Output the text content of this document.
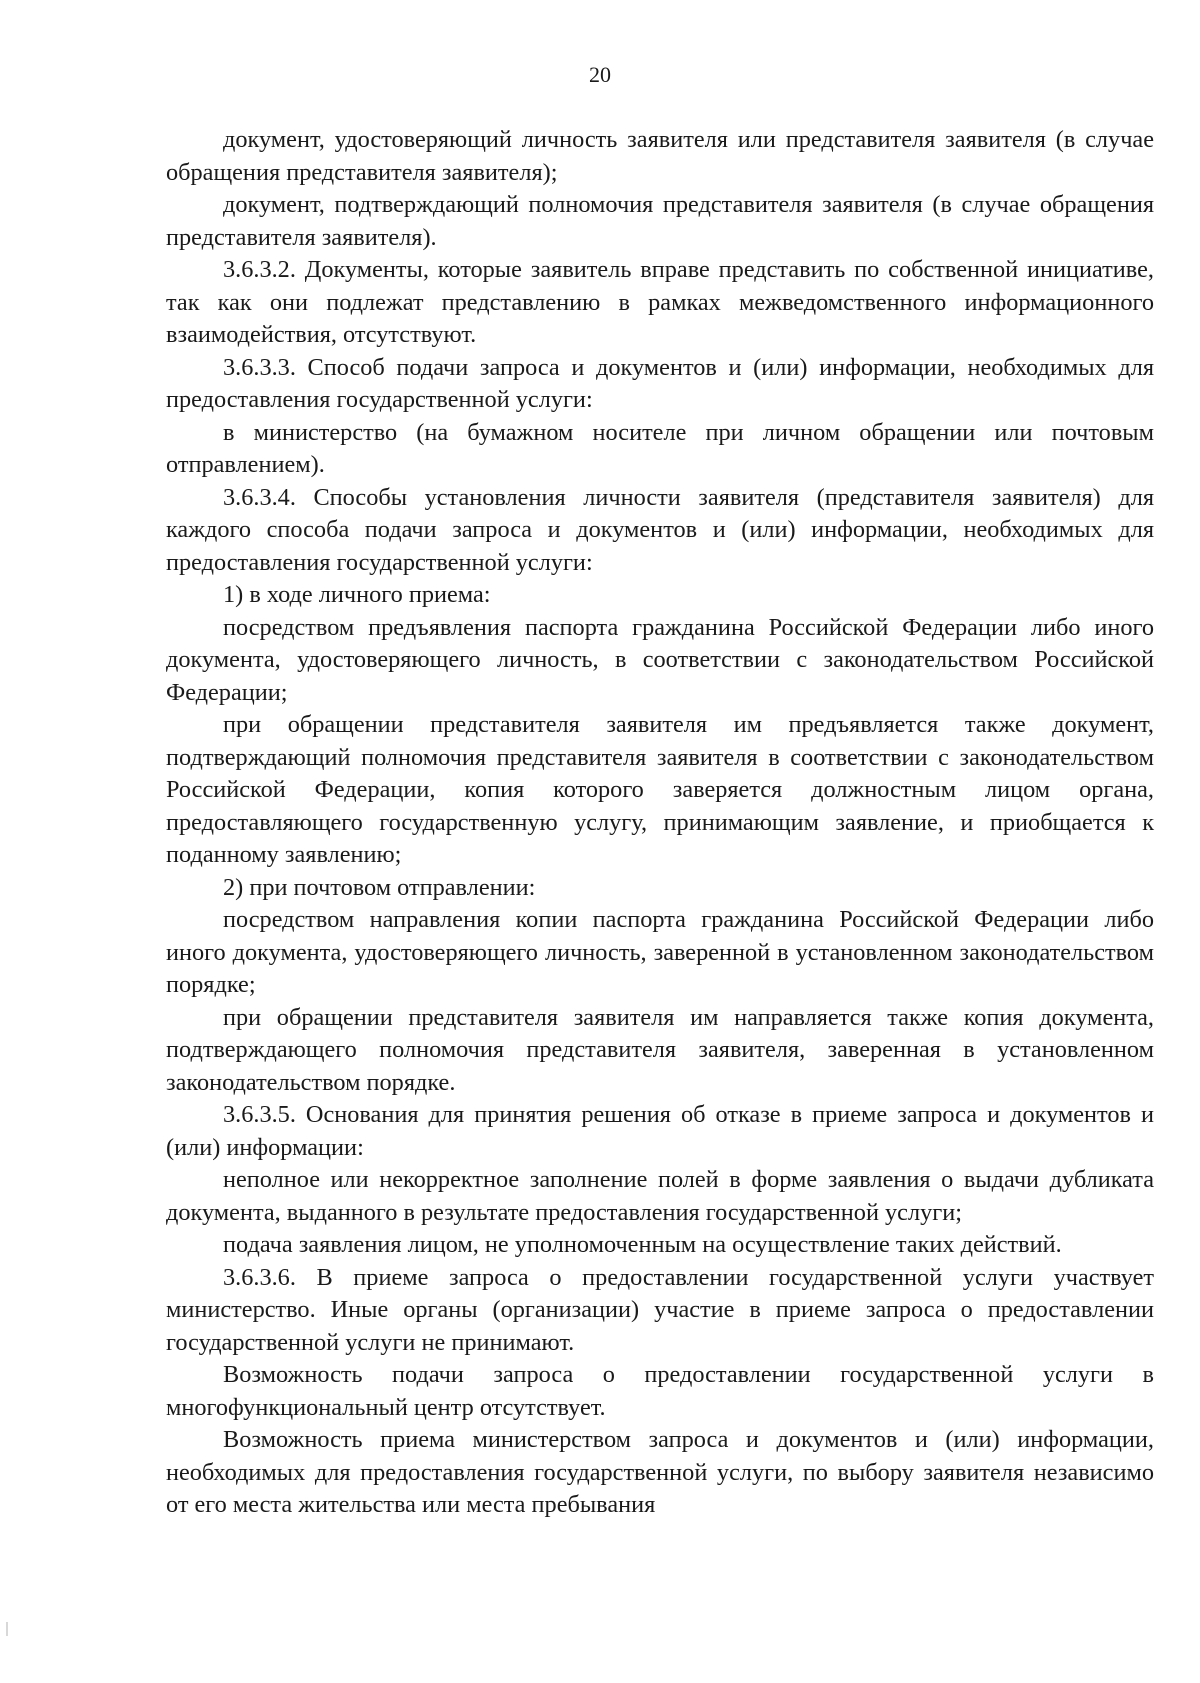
20

документ, удостоверяющий личность заявителя или представителя заявителя (в случае обращения представителя заявителя);

документ, подтверждающий полномочия представителя заявителя (в случае обращения представителя заявителя).

3.6.3.2. Документы, которые заявитель вправе представить по собственной инициативе, так как они подлежат представлению в рамках межведомственного информационного взаимодействия, отсутствуют.

3.6.3.3. Способ подачи запроса и документов и (или) информации, необходимых для предоставления государственной услуги:

в министерство (на бумажном носителе при личном обращении или почтовым отправлением).

3.6.3.4. Способы установления личности заявителя (представителя заявителя) для каждого способа подачи запроса и документов и (или) информации, необходимых для предоставления государственной услуги:

1) в ходе личного приема:

посредством предъявления паспорта гражданина Российской Федерации либо иного документа, удостоверяющего личность, в соответствии с законодательством Российской Федерации;

при обращении представителя заявителя им предъявляется также документ, подтверждающий полномочия представителя заявителя в соответствии с законодательством Российской Федерации, копия которого заверяется должностным лицом органа, предоставляющего государственную услугу, принимающим заявление, и приобщается к поданному заявлению;

2) при почтовом отправлении:

посредством направления копии паспорта гражданина Российской Федерации либо иного документа, удостоверяющего личность, заверенной в установленном законодательством порядке;

при обращении представителя заявителя им направляется также копия документа, подтверждающего полномочия представителя заявителя, заверенная в установленном законодательством порядке.

3.6.3.5. Основания для принятия решения об отказе в приеме запроса и документов и (или) информации:

неполное или некорректное заполнение полей в форме заявления о выдачи дубликата документа, выданного в результате предоставления государственной услуги;

подача заявления лицом, не уполномоченным на осуществление таких действий.

3.6.3.6. В приеме запроса о предоставлении государственной услуги участвует министерство. Иные органы (организации) участие в приеме запроса о предоставлении государственной услуги не принимают.

Возможность подачи запроса о предоставлении государственной услуги в многофункциональный центр отсутствует.

Возможность приема министерством запроса и документов и (или) информации, необходимых для предоставления государственной услуги, по выбору заявителя независимо от его места жительства или места пребывания
